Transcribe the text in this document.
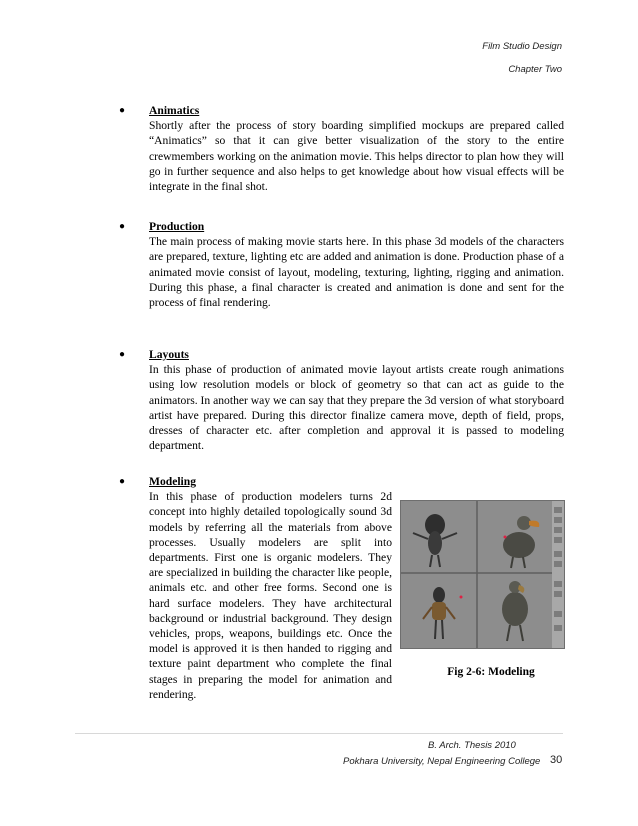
Film Studio Design
Chapter Two
● Animatics
Shortly after the process of story boarding simplified mockups are prepared called “Animatics” so that it can give better visualization of the story to the entire crewmembers working on the animation movie. This helps director to plan how they will go in further sequence and also helps to get knowledge about how visual effects will be integrate in the final shot.
● Production
The main process of making movie starts here. In this phase 3d models of the characters are prepared, texture, lighting etc are added and animation is done. Production phase of a animated movie consist of layout, modeling, texturing, lighting, rigging and animation. During this phase, a final character is created and animation is done and sent for the process of final rendering.
● Layouts
In this phase of production of animated movie layout artists create rough animations using low resolution models or block of geometry so that can act as guide to the animators. In another way we can say that they prepare the 3d version of what storyboard artist have prepared. During this director finalize camera move, depth of field, props, dresses of character etc. after completion and approval it is passed to modeling department.
● Modeling
In this phase of production modelers turns 2d concept into highly detailed topologically sound 3d models by referring all the materials from above processes. Usually modelers are split into departments. First one is organic modelers. They are specialized in building the character like people, animals etc. and other free forms. Second one is hard surface modelers. They have architectural background or industrial background. They design vehicles, props, weapons, buildings etc. Once the model is approved it is then handed to rigging and texture paint department who complete the final stages in preparing the model for animation and rendering.
Fig 2-6: Modeling
B. Arch. Thesis 2010
Pokhara University, Nepal Engineering College 30
